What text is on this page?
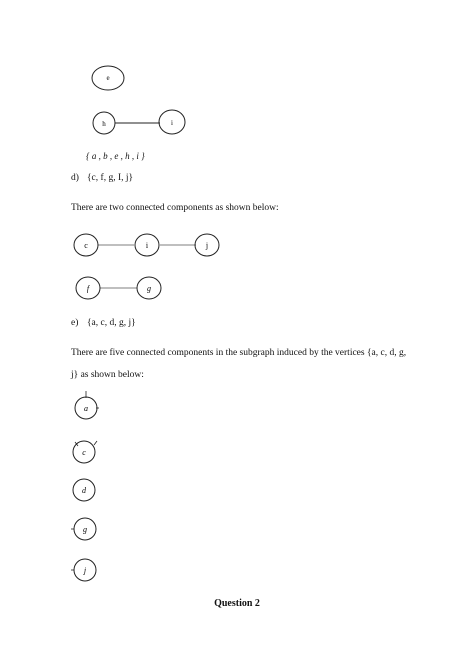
e
h	i
{ a , b , e , h , i }
d) {c, f, g, I, j}
There are two connected components as shown below:
c	i	j
f	g
e) {a, c, d, g, j}
There are five connected components in the subgraph induced by the vertices {a, c, d, g,
j} as shown below:
a
c
d
g
j
Question 2
